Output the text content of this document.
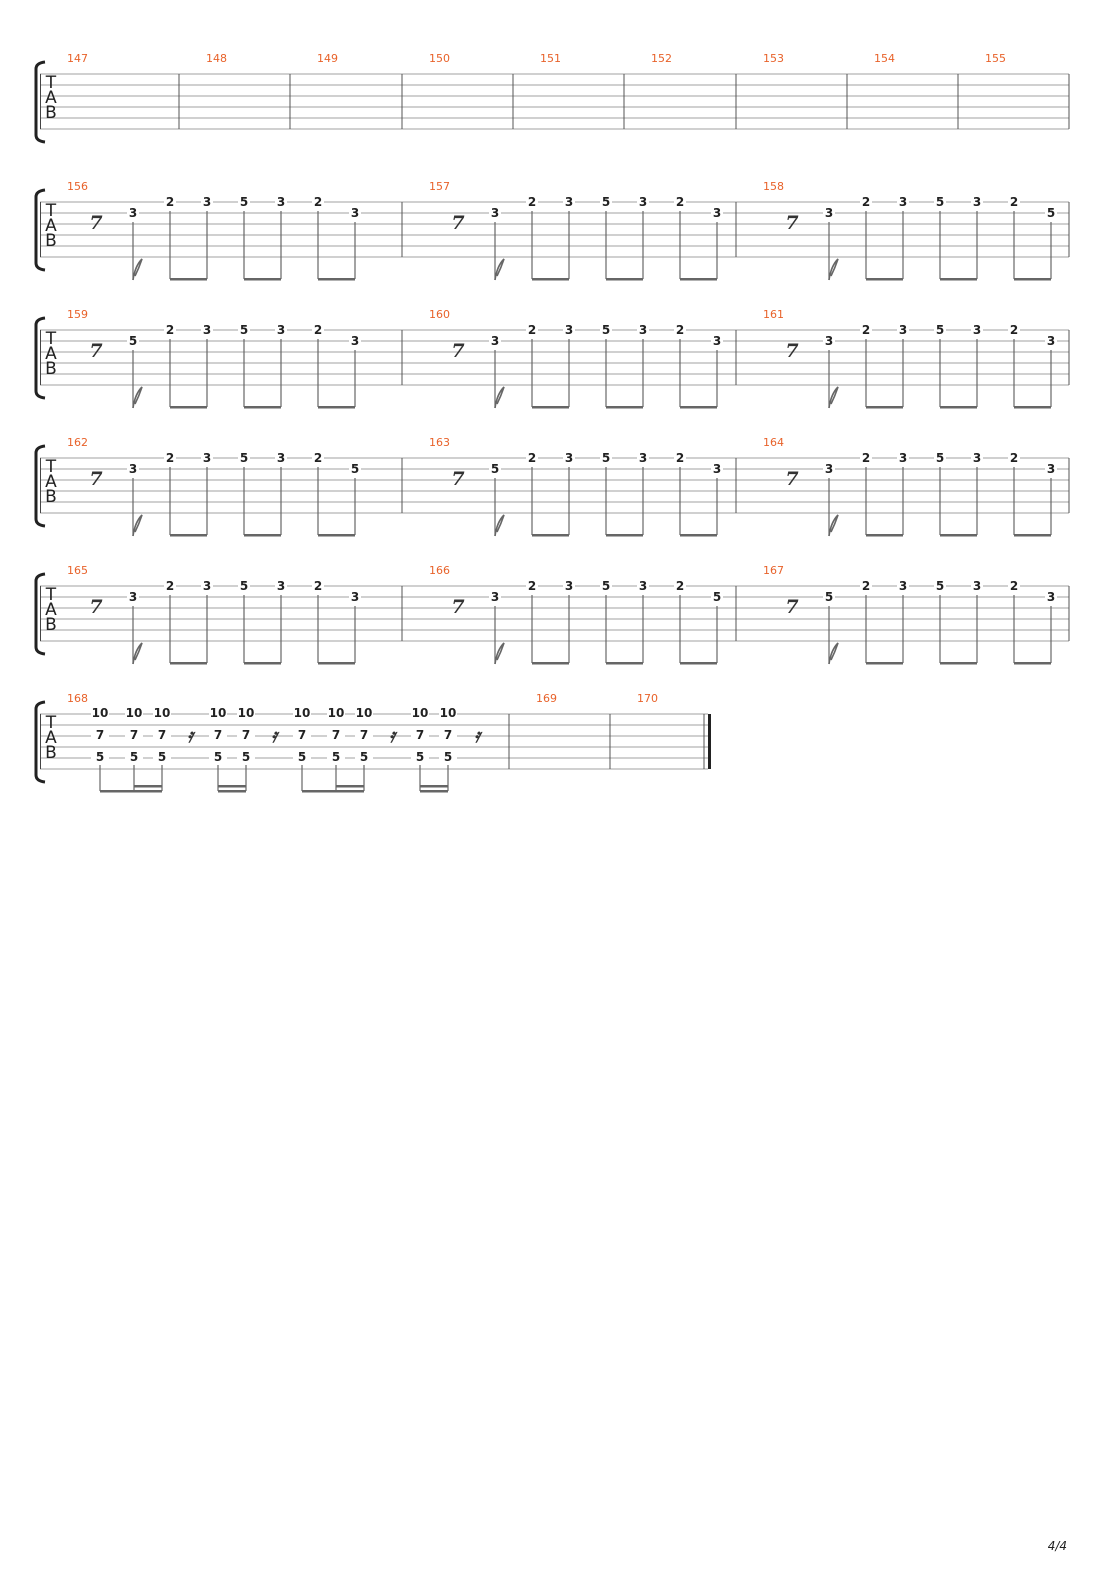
T
A
B
147	148	149	150	151	152	153	154	155
T
A
B
156
7
2 3 5 3 2
3
3
157
7
2 3 5 3 2
3
3
158
7
2 3 5 3 2
5
3
T
A
B
159
7
2 3 5 3 2
3
5
160
7
2 3 5 3 2
3
3
161
7
2 3 5 3 2
3
3
T
A
B
162
7
2 3 5 3 2
5
3
163
7
2 3 5 3 2
3
5
164
7
2 3 5 3 2
3
3
T
A
B
165
7
2 3 5 3 2
3
3
166
7
2 3 5 3 2
5
3
167
7
2 3 5 3 2
3
5
T
A
B
168
10
7
5
10
7
5
10
7
5
10
7
5
10
7
5
10
7
5
10
7
5
10
7
5
10
7
5
10
7
5
𝄿	𝄿	𝄿	𝄿
169	170
4/4
